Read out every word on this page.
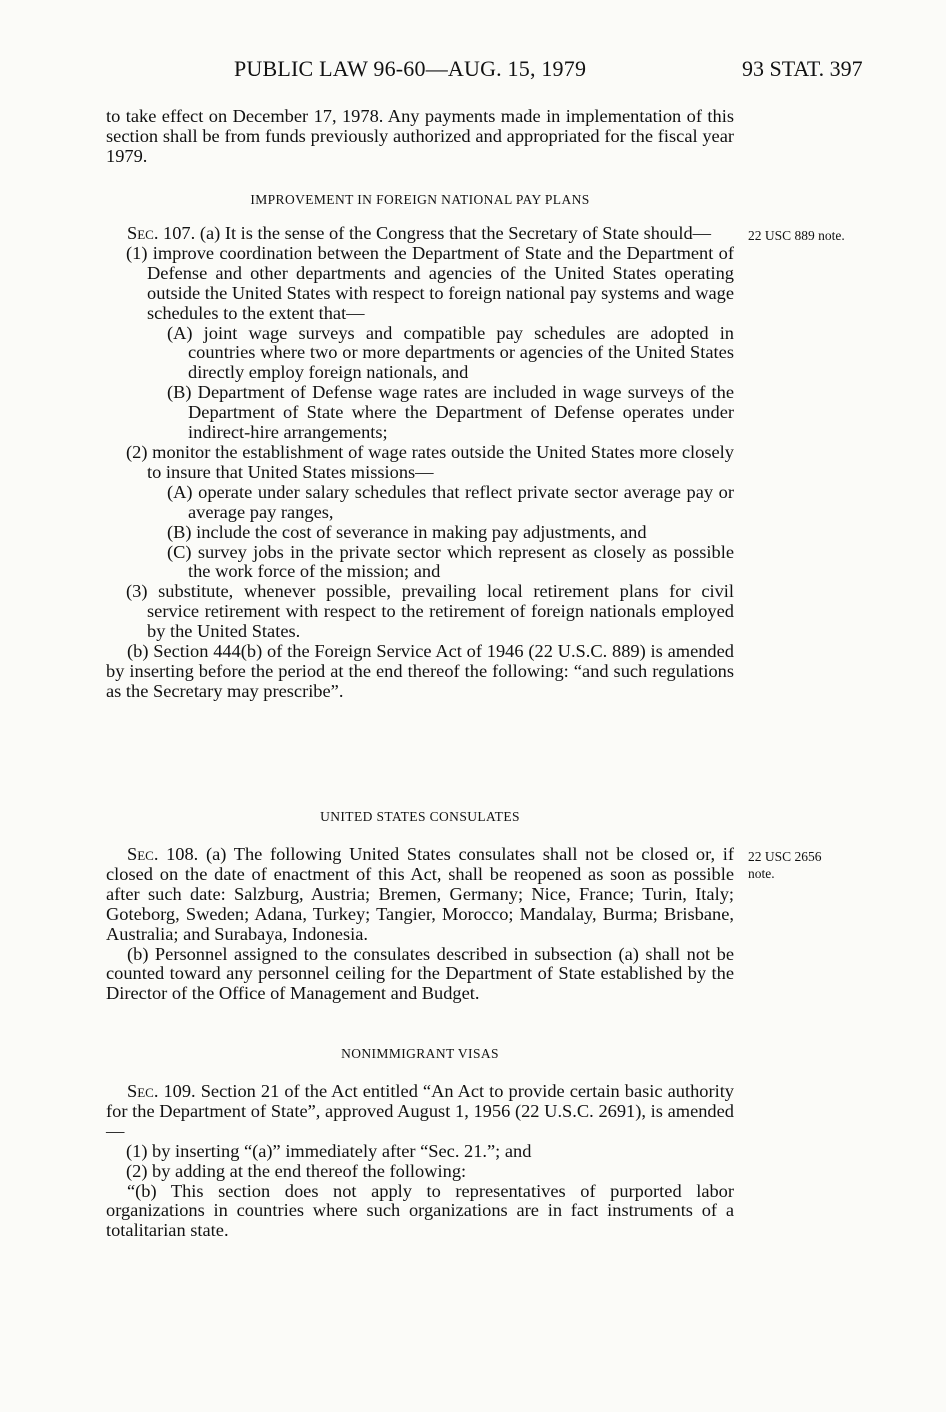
PUBLIC LAW 96-60—AUG. 15, 1979	93 STAT. 397

to take effect on December 17, 1978. Any payments made in implementation of this section shall be from funds previously authorized and appropriated for the fiscal year 1979.

IMPROVEMENT IN FOREIGN NATIONAL PAY PLANS
22 USC 889 note.

Sec. 107. (a) It is the sense of the Congress that the Secretary of State should—

(1) improve coordination between the Department of State and the Department of Defense and other departments and agencies of the United States operating outside the United States with respect to foreign national pay systems and wage schedules to the extent that—

(A) joint wage surveys and compatible pay schedules are adopted in countries where two or more departments or agencies of the United States directly employ foreign nationals, and

(B) Department of Defense wage rates are included in wage surveys of the Department of State where the Department of Defense operates under indirect-hire arrangements;

(2) monitor the establishment of wage rates outside the United States more closely to insure that United States missions—

(A) operate under salary schedules that reflect private sector average pay or average pay ranges,

(B) include the cost of severance in making pay adjustments, and

(C) survey jobs in the private sector which represent as closely as possible the work force of the mission; and

(3) substitute, whenever possible, prevailing local retirement plans for civil service retirement with respect to the retirement of foreign nationals employed by the United States.

(b) Section 444(b) of the Foreign Service Act of 1946 (22 U.S.C. 889) is amended by inserting before the period at the end thereof the following: “and such regulations as the Secretary may prescribe”.

UNITED STATES CONSULATES
22 USC 2656
note.

Sec. 108. (a) The following United States consulates shall not be closed or, if closed on the date of enactment of this Act, shall be reopened as soon as possible after such date: Salzburg, Austria; Bremen, Germany; Nice, France; Turin, Italy; Goteborg, Sweden; Adana, Turkey; Tangier, Morocco; Mandalay, Burma; Brisbane, Australia; and Surabaya, Indonesia.

(b) Personnel assigned to the consulates described in subsection (a) shall not be counted toward any personnel ceiling for the Department of State established by the Director of the Office of Management and Budget.

NONIMMIGRANT VISAS

Sec. 109. Section 21 of the Act entitled “An Act to provide certain basic authority for the Department of State”, approved August 1, 1956 (22 U.S.C. 2691), is amended—

(1) by inserting “(a)” immediately after “Sec. 21.”; and

(2) by adding at the end thereof the following:

“(b) This section does not apply to representatives of purported labor organizations in countries where such organizations are in fact instruments of a totalitarian state.
